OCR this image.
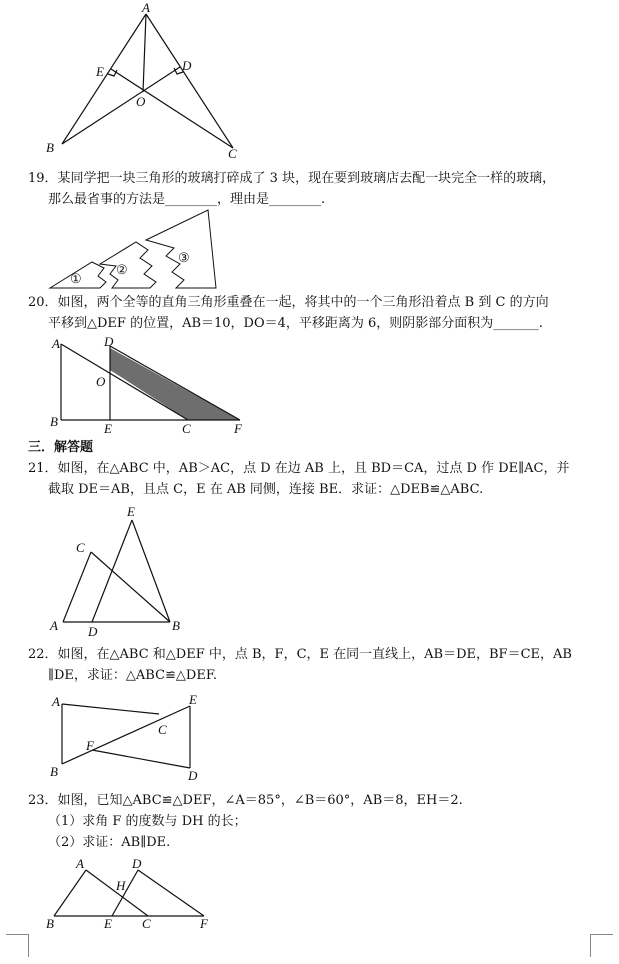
A
E	D
O
B	C
19．某同学把一块三角形的玻璃打碎成了 3 块，现在要到玻璃店去配一块完全一样的玻璃，
那么最省事的方法是________，理由是________.
①
②
③
20．如图，两个全等的直角三角形重叠在一起，将其中的一个三角形沿着点 B 到 C 的方向
平移到△DEF 的位置，AB＝10，DO＝4，平移距离为 6，则阴影部分面积为_______.
A	D
O
B	E	C	F
三．解答题
21．如图，在△ABC 中，AB＞AC，点 D 在边 AB 上，且 BD＝CA，过点 D 作 DE∥AC，并
截取 DE＝AB，且点 C，E 在 AB 同侧，连接 BE．求证：△DEB≌△ABC.
E
C
A D	B
22．如图，在△ABC 和△DEF 中，点 B，F，C，E 在同一直线上，AB＝DE，BF＝CE，AB
∥DE，求证：△ABC≌△DEF.
A	E
C
F
B	D
23．如图，已知△ABC≌△DEF，∠A＝85°，∠B＝60°，AB＝8，EH＝2.
（1）求角 F 的度数与 DH 的长；
（2）求证：AB∥DE.
A	D
H
B	E C	F
